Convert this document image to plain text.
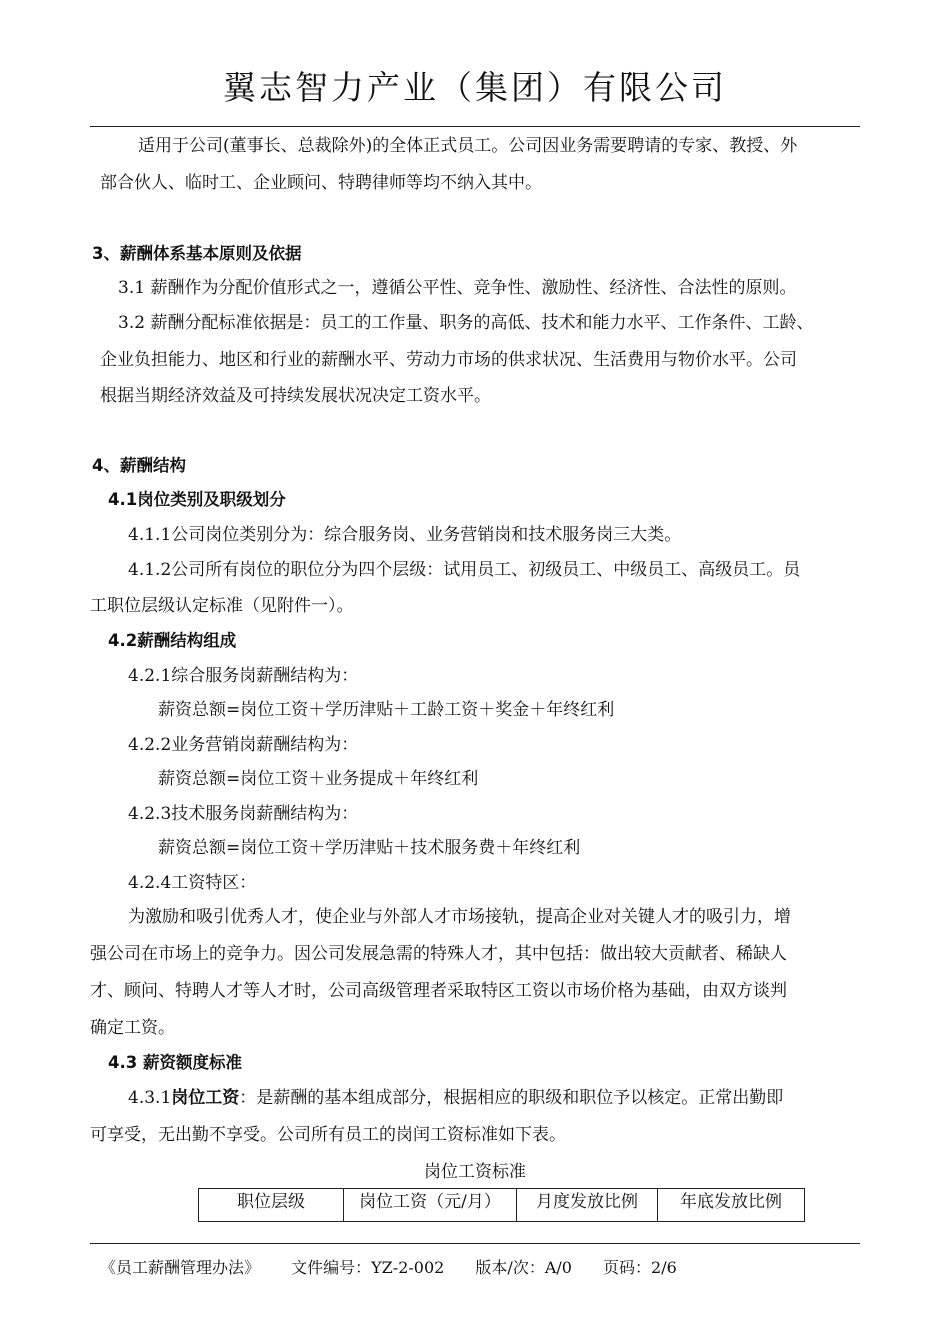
翼志智力产业（集团）有限公司
适用于公司(董事长、总裁除外)的全体正式员工。公司因业务需要聘请的专家、教授、外
部合伙人、临时工、企业顾问、特聘律师等均不纳入其中。
3、薪酬体系基本原则及依据
3.1 薪酬作为分配价值形式之一，遵循公平性、竞争性、激励性、经济性、合法性的原则。
3.2 薪酬分配标准依据是：员工的工作量、职务的高低、技术和能力水平、工作条件、工龄、
企业负担能力、地区和行业的薪酬水平、劳动力市场的供求状况、生活费用与物价水平。公司
根据当期经济效益及可持续发展状况决定工资水平。
4、薪酬结构
4.1岗位类别及职级划分
4.1.1公司岗位类别分为：综合服务岗、业务营销岗和技术服务岗三大类。
4.1.2公司所有岗位的职位分为四个层级：试用员工、初级员工、中级员工、高级员工。员
工职位层级认定标准（见附件一）。
4.2薪酬结构组成
4.2.1综合服务岗薪酬结构为：
薪资总额=岗位工资＋学历津贴＋工龄工资＋奖金＋年终红利
4.2.2业务营销岗薪酬结构为：
薪资总额=岗位工资＋业务提成＋年终红利
4.2.3技术服务岗薪酬结构为：
薪资总额=岗位工资＋学历津贴＋技术服务费＋年终红利
4.2.4工资特区：
为激励和吸引优秀人才，使企业与外部人才市场接轨，提高企业对关键人才的吸引力，增
强公司在市场上的竞争力。因公司发展急需的特殊人才，其中包括：做出较大贡献者、稀缺人
才、顾问、特聘人才等人才时，公司高级管理者采取特区工资以市场价格为基础，由双方谈判
确定工资。
4.3 薪资额度标准
4.3.1岗位工资：是薪酬的基本组成部分，根据相应的职级和职位予以核定。正常出勤即
可享受，无出勤不享受。公司所有员工的岗闰工资标准如下表。
岗位工资标准
职位层级	岗位工资（元/月）	月度发放比例	年底发放比例
《员工薪酬管理办法》 文件编号：YZ-2-002 版本/次：A/0 页码：2/6
